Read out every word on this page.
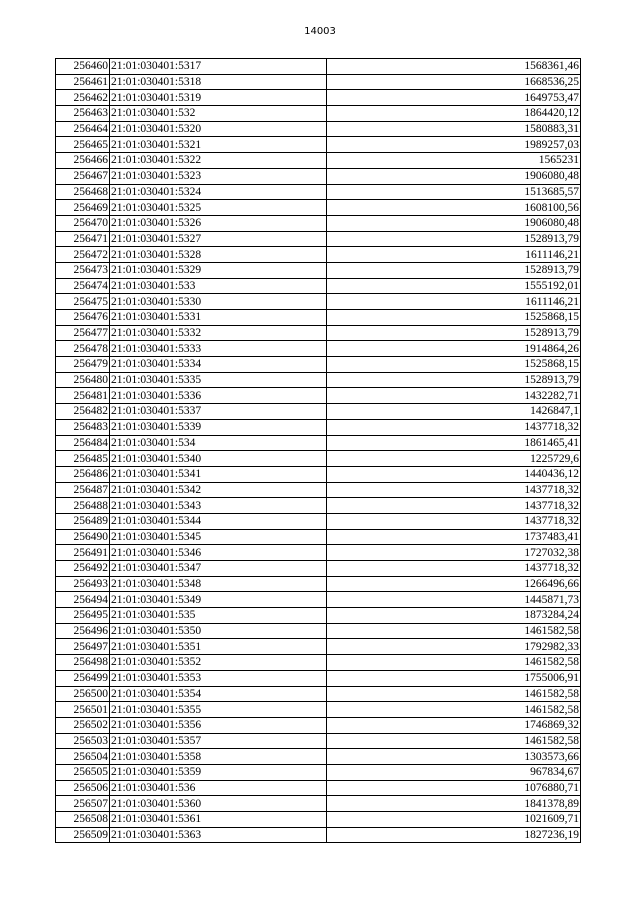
14003
256460	21:01:030401:5317	1568361,46
256461	21:01:030401:5318	1668536,25
256462	21:01:030401:5319	1649753,47
256463	21:01:030401:532	1864420,12
256464	21:01:030401:5320	1580883,31
256465	21:01:030401:5321	1989257,03
256466	21:01:030401:5322	1565231
256467	21:01:030401:5323	1906080,48
256468	21:01:030401:5324	1513685,57
256469	21:01:030401:5325	1608100,56
256470	21:01:030401:5326	1906080,48
256471	21:01:030401:5327	1528913,79
256472	21:01:030401:5328	1611146,21
256473	21:01:030401:5329	1528913,79
256474	21:01:030401:533	1555192,01
256475	21:01:030401:5330	1611146,21
256476	21:01:030401:5331	1525868,15
256477	21:01:030401:5332	1528913,79
256478	21:01:030401:5333	1914864,26
256479	21:01:030401:5334	1525868,15
256480	21:01:030401:5335	1528913,79
256481	21:01:030401:5336	1432282,71
256482	21:01:030401:5337	1426847,1
256483	21:01:030401:5339	1437718,32
256484	21:01:030401:534	1861465,41
256485	21:01:030401:5340	1225729,6
256486	21:01:030401:5341	1440436,12
256487	21:01:030401:5342	1437718,32
256488	21:01:030401:5343	1437718,32
256489	21:01:030401:5344	1437718,32
256490	21:01:030401:5345	1737483,41
256491	21:01:030401:5346	1727032,38
256492	21:01:030401:5347	1437718,32
256493	21:01:030401:5348	1266496,66
256494	21:01:030401:5349	1445871,73
256495	21:01:030401:535	1873284,24
256496	21:01:030401:5350	1461582,58
256497	21:01:030401:5351	1792982,33
256498	21:01:030401:5352	1461582,58
256499	21:01:030401:5353	1755006,91
256500	21:01:030401:5354	1461582,58
256501	21:01:030401:5355	1461582,58
256502	21:01:030401:5356	1746869,32
256503	21:01:030401:5357	1461582,58
256504	21:01:030401:5358	1303573,66
256505	21:01:030401:5359	967834,67
256506	21:01:030401:536	1076880,71
256507	21:01:030401:5360	1841378,89
256508	21:01:030401:5361	1021609,71
256509	21:01:030401:5363	1827236,19
